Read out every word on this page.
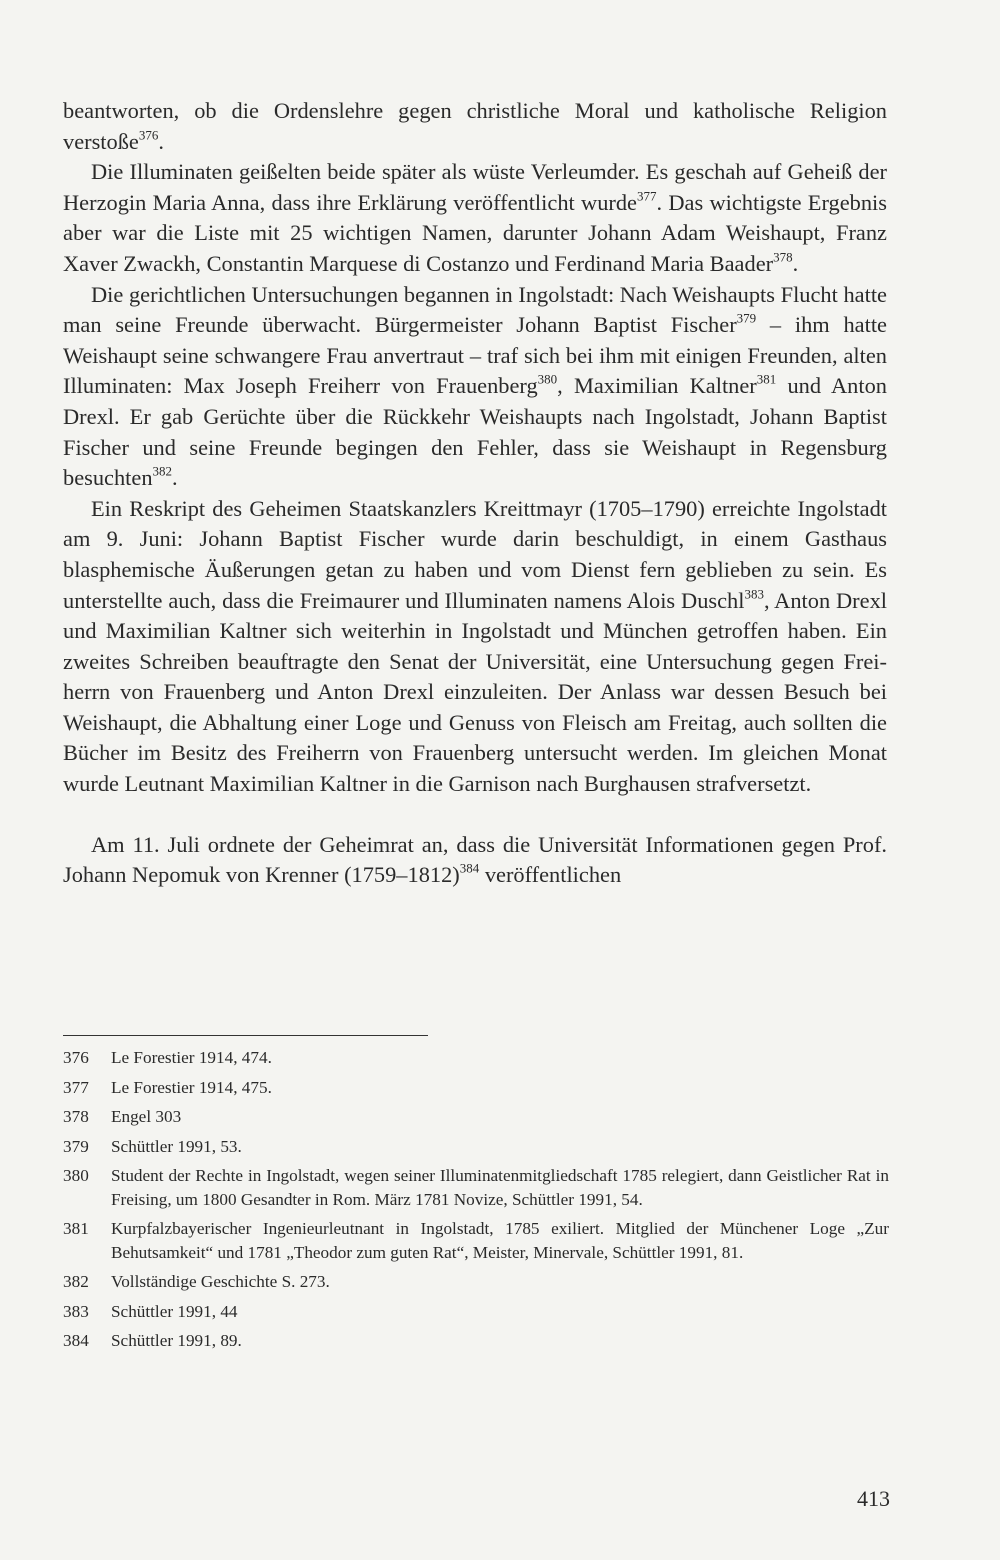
beantworten, ob die Ordenslehre gegen christliche Moral und katholische Religion verstoße$^{376}$.

Die Illuminaten geißelten beide später als wüste Verleumder. Es geschah auf Geheiß der Herzogin Maria Anna, dass ihre Erklärung veröffentlicht wurde$^{377}$. Das wichtigste Ergebnis aber war die Liste mit 25 wichtigen Namen, darunter Johann Adam Weishaupt, Franz Xaver Zwackh, Constantin Marquese di Costanzo und Ferdinand Maria Baader$^{378}$.

Die gerichtlichen Untersuchungen begannen in Ingolstadt: Nach Weishaupts Flucht hatte man seine Freunde überwacht. Bürgermeister Johann Baptist Fischer$^{379}$ – ihm hatte Weishaupt seine schwangere Frau anvertraut – traf sich bei ihm mit einigen Freunden, alten Illuminaten: Max Joseph Freiherr von Frauenberg$^{380}$, Maximilian Kaltner$^{381}$ und Anton Drexl. Er gab Gerüchte über die Rückkehr Weishaupts nach Ingolstadt, Johann Baptist Fischer und seine Freunde begingen den Fehler, dass sie Weishaupt in Regensburg besuchten$^{382}$.

Ein Reskript des Geheimen Staatskanzlers Kreittmayr (1705–1790) erreichte Ingolstadt am 9. Juni: Johann Baptist Fischer wurde darin beschuldigt, in einem Gasthaus blasphemische Äußerungen getan zu haben und vom Dienst fern geblieben zu sein. Es unterstellte auch, dass die Freimaurer und Illuminaten namens Alois Duschl$^{383}$, Anton Drexl und Maximilian Kaltner sich weiterhin in Ingolstadt und München getroffen haben. Ein zweites Schreiben beauftragte den Senat der Universität, eine Untersuchung gegen Freiherrn von Frauenberg und Anton Drexl einzuleiten. Der Anlass war dessen Besuch bei Weishaupt, die Abhaltung einer Loge und Genuss von Fleisch am Freitag, auch sollten die Bücher im Besitz des Freiherrn von Frauenberg untersucht werden. Im gleichen Monat wurde Leutnant Maximilian Kaltner in die Garnison nach Burghausen strafversetzt.

Am 11. Juli ordnete der Geheimrat an, dass die Universität Informationen gegen Prof. Johann Nepomuk von Krenner (1759–1812)$^{384}$ veröffentlichen

376	Le Forestier 1914, 474.
377	Le Forestier 1914, 475.
378	Engel 303
379	Schüttler 1991, 53.
380	Student der Rechte in Ingolstadt, wegen seiner Illuminatenmitgliedschaft 1785 relegiert, dann Geistlicher Rat in Freising, um 1800 Gesandter in Rom. März 1781 Novize, Schüttler 1991, 54.
381	Kurpfalzbayerischer Ingenieurleutnant in Ingolstadt, 1785 exiliert. Mitglied der Münchener Loge „Zur Behutsamkeit“ und 1781 „Theodor zum guten Rat“, Meister, Minervale, Schüttler 1991, 81.
382	Vollständige Geschichte S. 273.
383	Schüttler 1991, 44
384	Schüttler 1991, 89.
413
